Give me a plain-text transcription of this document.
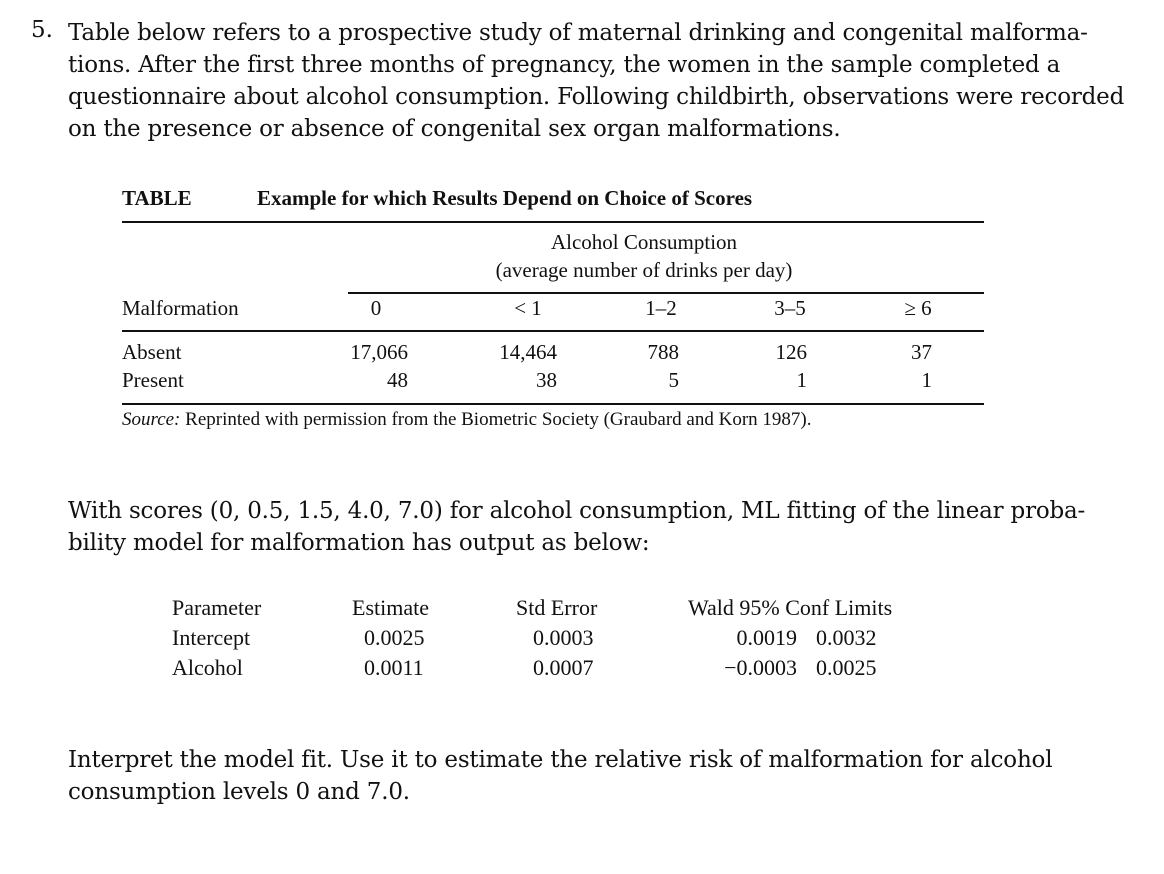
5. Table below refers to a prospective study of maternal drinking and congenital malforma-
tions. After the first three months of pregnancy, the women in the sample completed a
questionnaire about alcohol consumption. Following childbirth, observations were recorded
on the presence or absence of congenital sex organ malformations.
TABLE	Example for which Results Depend on Choice of Scores
Alcohol Consumption
(average number of drinks per day)
Malformation	0	< 1	1–2	3–5	≥ 6
Absent	17,066	14,464	788	126	37
Present	48	38	5	1	1
Source: Reprinted with permission from the Biometric Society (Graubard and Korn 1987).
With scores (0, 0.5, 1.5, 4.0, 7.0) for alcohol consumption, ML fitting of the linear proba-
bility model for malformation has output as below:
Parameter	Estimate	Std Error	Wald 95% Conf Limits
Intercept	0.0025	0.0003	0.0019 0.0032
Alcohol	0.0011	0.0007	−0.0003 0.0025
Interpret the model fit. Use it to estimate the relative risk of malformation for alcohol
consumption levels 0 and 7.0.
